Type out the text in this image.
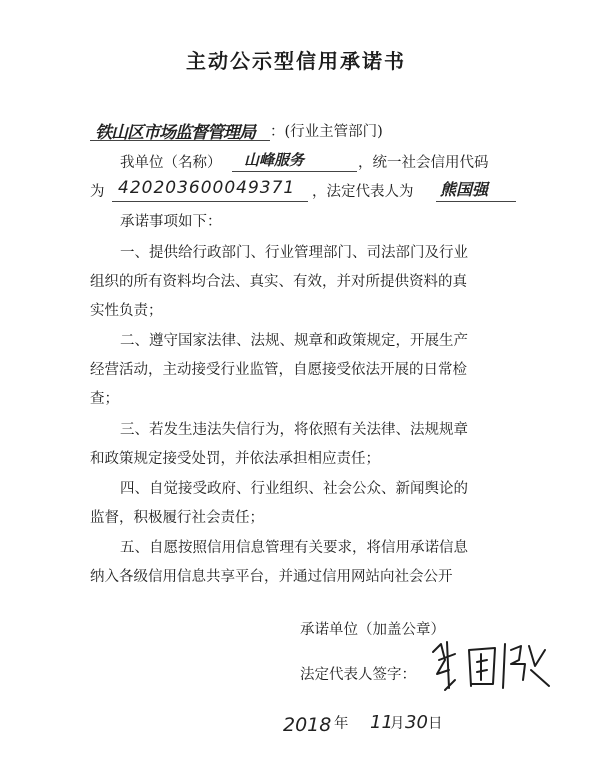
主动公示型信用承诺书
铁山区市场监督管理局 ：(行业主管部门)
我单位（名称） 山峰服务	，统一社会信用代码
为 420203600049371 ，法定代表人为 熊国强
承诺事项如下：
一、提供给行政部门、行业管理部门、司法部门及行业
组织的所有资料均合法、真实、有效，并对所提供资料的真
实性负责；
二、遵守国家法律、法规、规章和政策规定，开展生产
经营活动，主动接受行业监管，自愿接受依法开展的日常检
查；
三、若发生违法失信行为，将依照有关法律、法规规章
和政策规定接受处罚，并依法承担相应责任；
四、自觉接受政府、行业组织、社会公众、新闻舆论的
监督，积极履行社会责任；
五、自愿按照信用信息管理有关要求，将信用承诺信息
纳入各级信用信息共享平台，并通过信用网站向社会公开
承诺单位（加盖公章）
法定代表人签字：
2018 年 11
月 30 日
